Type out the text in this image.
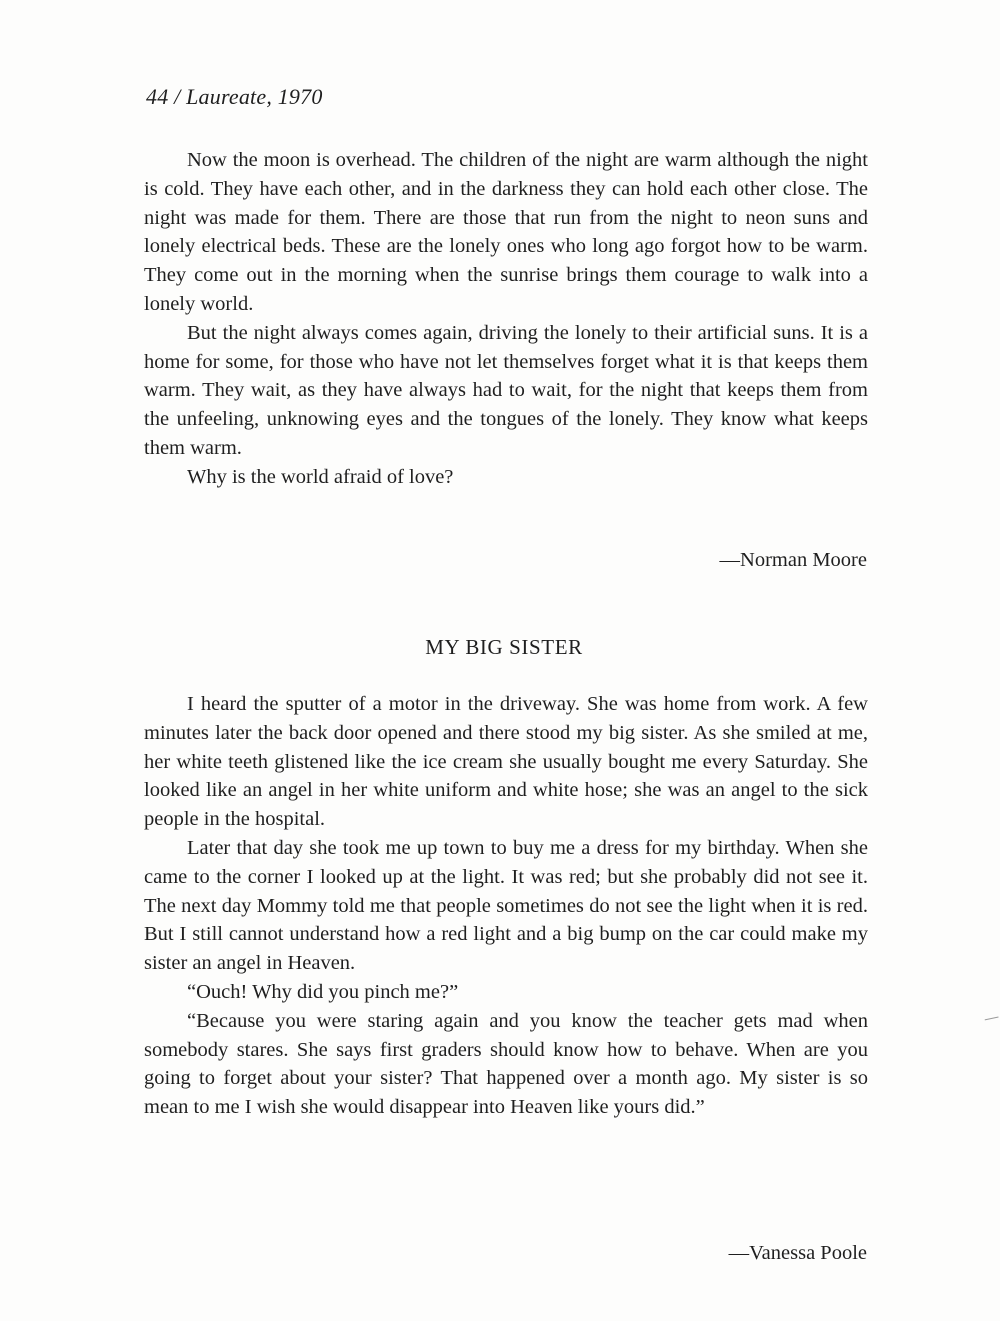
44 / Laureate, 1970

Now the moon is overhead. The children of the night are warm although the night is cold. They have each other, and in the darkness they can hold each other close. The night was made for them. There are those that run from the night to neon suns and lonely electrical beds. These are the lonely ones who long ago forgot how to be warm. They come out in the morning when the sunrise brings them courage to walk into a lonely world.

But the night always comes again, driving the lonely to their artificial suns. It is a home for some, for those who have not let themselves forget what it is that keeps them warm. They wait, as they have always had to wait, for the night that keeps them from the unfeeling, unknowing eyes and the tongues of the lonely. They know what keeps them warm.

Why is the world afraid of love?

—Norman Moore
MY BIG SISTER

I heard the sputter of a motor in the driveway. She was home from work. A few minutes later the back door opened and there stood my big sister. As she smiled at me, her white teeth glistened like the ice cream she usually bought me every Saturday. She looked like an angel in her white uniform and white hose; she was an angel to the sick people in the hospital.

Later that day she took me up town to buy me a dress for my birthday. When she came to the corner I looked up at the light. It was red; but she probably did not see it. The next day Mommy told me that people sometimes do not see the light when it is red. But I still cannot understand how a red light and a big bump on the car could make my sister an angel in Heaven.

“Ouch! Why did you pinch me?”

“Because you were staring again and you know the teacher gets mad when somebody stares. She says first graders should know how to behave. When are you going to forget about your sister? That happened over a month ago. My sister is so mean to me I wish she would disappear into Heaven like yours did.”

—Vanessa Poole
